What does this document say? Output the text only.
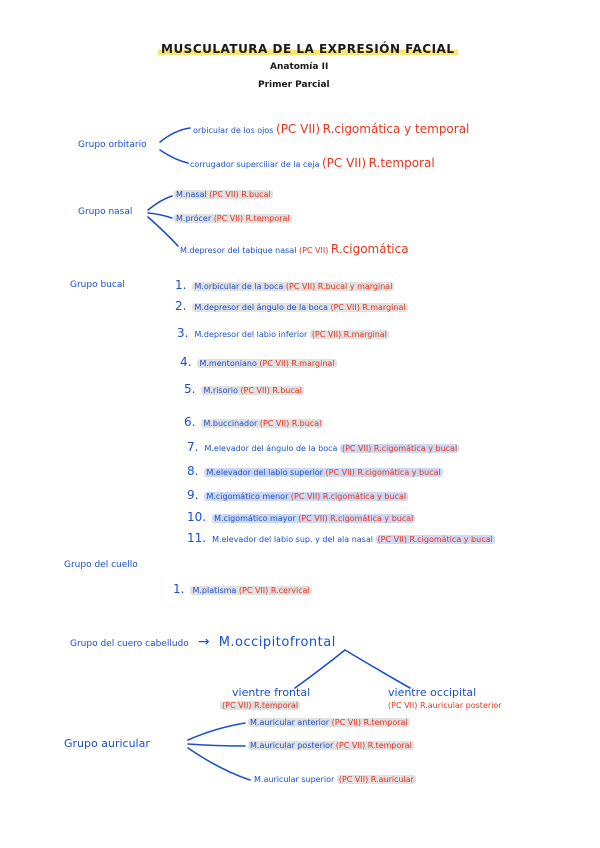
MUSCULATURA DE LA EXPRESIÓN FACIAL
Anatomía II
Primer Parcial
Grupo orbitario
orbicular de los ojos (PC VII) R.cigomática y temporal
corrugador superciliar de la ceja (PC VII) R.temporal
Grupo nasal
M.nasal (PC VII) R.bucal
M.prócer (PC VII) R.temporal
M.depresor del tabique nasal (PC VII) R.cigomática
Grupo bucal	1. M.orbicular de la boca (PC VII) R.bucal y marginal
2. M.depresor del ángulo de la boca (PC VII) R.marginal
3. M.depresor del labio inferior (PC VII) R.marginal
4. M.mentoniano (PC VII) R.marginal
5. M.risorio (PC VII) R.bucal
6. M.buccinador (PC VII) R.bucal
7. M.elevador del ángulo de la boca (PC VII) R.cigomática y bucal
8. M.elevador del labio superior (PC VII) R.cigomática y bucal
9. M.cigomático menor (PC VII) R.cigomática y bucal
10. M.cigomático mayor (PC VII) R.cigomática y bucal
11. M.elevador del labio sup. y del ala nasal (PC VII) R.cigomática y bucal
Grupo del cuello
1. M.platisma (PC VII) R.cervical
Grupo del cuero cabelludo → M.occipitofrontal
vientre frontal
(PC VII) R.temporal
vientre occipital
(PC VII) R.auricular posterior
Grupo auricular
M.auricular anterior (PC VII) R.temporal
M.auricular posterior (PC VII) R.temporal
M.auricular superior (PC VII) R.auricular
